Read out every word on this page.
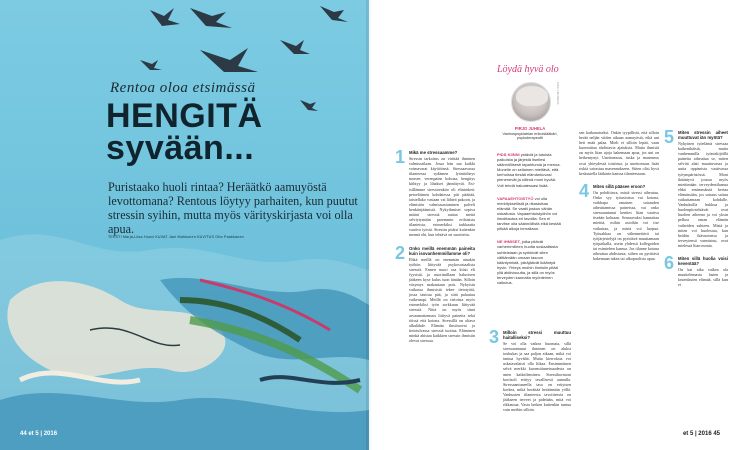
Rentoa oloa etsimässä
HENGITÄ
syvään...
Puristaako huoli rintaa? Heräätkö aamuyöstä levottomana? Rentous löytyy parhaiten, kun puutut stressin syihin, mutta myös värityskirjasta voi olla apua.
TEKSTI Marja-Liisa Huovi KUVAT Jani Mahkonen KUVITUS Otto Paakkanen
44 et 5 | 2016
Löydä hyvä olo
KUVA: LEHTIKUVA
PIRJO JUHELA
Vanhuspsykiatrian erikoislääkäri, psykoterapeutti
PIDÄ KIINNI ystäviä ja tutuista paikoista ja järjestä itsellesi säännöllisesti tapahtumia ja menoa. Monelle on sellainen mieltävä, että kerhoissa tiesää elämänkuvasi pienenevät ja sillenä moni hyvää. Voit tehdä haluatessasi lisää.
VAPAAEHTOISTYÖ voi olla merkityksellistä ja rikastuttaa elämää. Se vaatii joskus vähän uskallusta. Vapaaehtoistyöhön voi ilmoittautua eri tavoilla. Sen ei tarvitse olla säännöllistä eikä kestää pitkää aikoja kerrallaan.
NE IHMISET, jotka pitävät varhemmilleen huolta sosiaalisista suhteistaan ja syrkkivät siten välttämään omaan tasoon kääntymistä, päräjäävät ikääntyä hyvin. Yhteys muihin ihmisiin pitää yllä aktiivisuutta, ja sillä on myös terveyden kannalta myönteinen vaikutus.
1 Mikä me stressaamme?
Stressin tarkoitus on virittää ihminen valmiustilaan. Jossa hän saa kaikki voimavarat käyttöönsä. Stressaavassa tilanteessa sydämen lyöntitiheys nousee, verenpaine kohoaa, hengitys kiihtyy ja lihakset jännittyvät. Esi-isillämme stressireaktio oli elintärkeä: petoeläimen kohdatessa piti päättää, taistellako vastaan vai lähteä pakoon, ja elimistön valmiusasiuminen palveli henkiinjäämistä. Nykyihmiset sopiva määrä stressiä auttaa meitä selviytymään paremmin erilaisista tilanteista, esimerkiksi tarkkaatta vaativa työstä. Stressin pitäisi kuitenkin mennä ohi, kun tehtävä on suoritettu.
2 Onko meillä enemmän paineita kuin isovanhemmillamme oli?
Ehkä meillä on enemmän ainakin työhön liittyvää psykososiaalista stressiä. Ennen nuori osa kiisti eli fyysistä, ja nuorimillaan haluoisen jääkeen kyse kulus tuon tänään. Silloin väsymys makautaan pois. Nykyisin vaikassa ihmisistä tekee tietotyötä, jossa tauttuu pää, ja siitä palautuu vaikeampi. Meillä on tietoista myös esimerkiksi työn sorkkuun liittyvää stressiä. Niitä on myös siinä arvaamattomuus liittyvä paineita sekä töissä että kotona. Stressillä on oltava alkulähde. Elämän ilmiöuovat ja tietotulvassa stressiä tuottaa. Eläminen minkä ahistaa kaikkien stressin ihmisiin olevat stressaa.
sen katkonaiseksi. Onkin tyypillistä, että silloin herää neljän viiden aikaan aamuyöstä, eikä uni heti enää palaa. Mieli ei silloin lepää, vaan kuormittaa ahdistavia ajatuksia. Mutta ihmisiä on myös liian ujoja hakemaan apua, jos uni on heikentynyt. Unettomuus, tuska ja masennus ovat yhteydessä toisiinsa, ja unettomuus lisää riskiä sairastua masennukseen. Sitten olisi hyvä keskustella lääkärin kanssa tilanteestaan.
4 Miten sillä pääsee eroon?
On pohdittava, mistä stressi aiheutuu. Onko syy työasioissa vai kotona, vaikkapa omaisen sairauden aiheuttamissa paineissa, vai onko stressaantunut kenties liian vaativa itseään kohtaan. Seuraavaksi kannattaa miettiä, mihin asioihin voi itse vaikuttaa, ja mistä voi luopua. Työuakkaa on vähennettävä tai työjärjestelyjä on pyrittävä muuttamaan työpaikalla, usein yhdessä kollegoiden tai esimiehen kanssa. Jos tilanne kotona aiheuttaa ahdistusta, siihen on pyrittävä hakemaan tukea tai ulkopuolista apua.
3 Milloin stressi muuttuu haitalliseksi?
Se voi olla vaikea huomata, sillä stressaantunut ihminen on aluksi touhukas ja saa paljon aikaan, mikä voi tuntua hyvältä. Mutta kierroksia voi uskatavalaisti olla liikaa. Ensimmäinen selvä merkki kuormittuneisuudesta on unen katkeileminen. Stressihormoni kortisoli erittyy tavallisesti aamulla. Stressaantuneella taso on erityisen korkea, mikä herättää heräämään yöllä. Vanhusten tilanteesta tavoitteesta on jääkseen terveet ja pidetään, mitä voi rikkautua. Vasta hetken kuitenkin tuntua vain meihin silloin.
5 Miten stressin aiheet muuttuvat iän myötä?
Nykyinen työelämä stressaa kaikenikäisiä, mutta vanhemmilla työntekijöillä paineita aiheuttaa se, miten selvitä alati muuttuvassa ja uutta oppimista vaativassa työympäristössä. Moni ikääntyvä joutuu myös miettimään terveydentilaansa ehkä ensimmäistä kertaa elämässään, jos sairaus sattuu vaikuttamaan kohdalle. Vanhuksilla hukkua ja huolenpitotehtävät ovat huolten aiheena ja voi yksin pelkoa oman elämän vaiheiden suhteen. Mistä ja miten voi huolestua, kun heidän ikävuotensa ja terveytensä varmistuu, ovat mielessä liian monta.
6 Miten sillä huolia voisi keventää?
On kai aika vaikea ola muuttelemasta lasten ja lastenlasten elämää, sillä kun ei
et 5 | 2016 45
